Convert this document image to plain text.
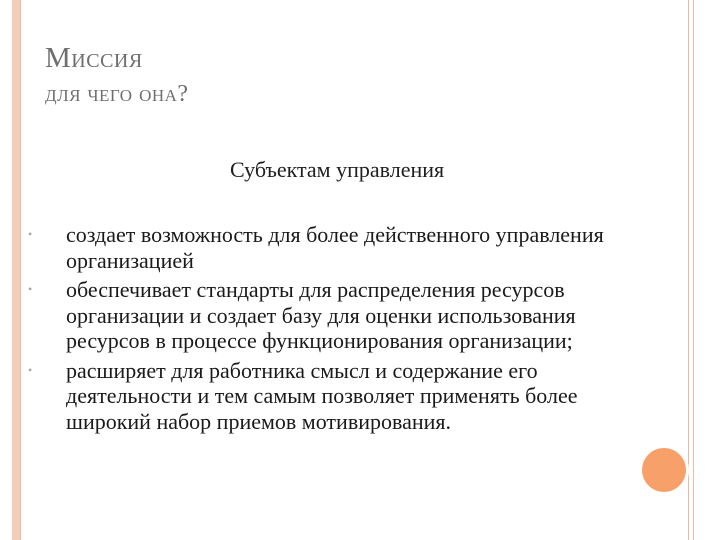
Миссия
для чего она?
Субъектам управления
• создает возможность для более действенного управления организацией
• обеспечивает стандарты для распределения ресурсов организации и создает базу для оценки использования ресурсов в процессе функционирования организации;
• расширяет для работника смысл и содержание его деятельности и тем самым позволяет применять более широкий набор приемов мотивирования.
